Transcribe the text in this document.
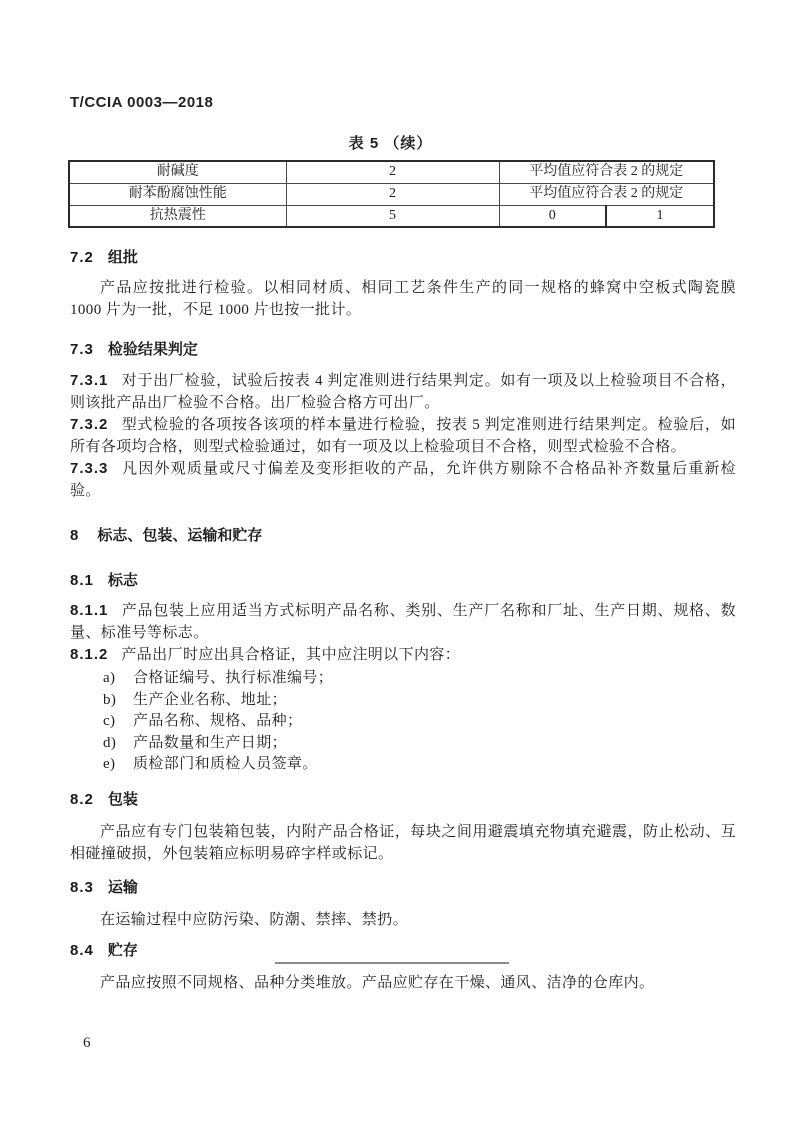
T/CCIA 0003—2018
表 5 （续）
耐碱度	2	平均值应符合表 2 的规定	
耐苯酚腐蚀性能	2	平均值应符合表 2 的规定	
抗热震性	5	0	1
7.2 组批

产品应按批进行检验。以相同材质、相同工艺条件生产的同一规格的蜂窝中空板式陶瓷膜 1000 片为一批，不足 1000 片也按一批计。

7.3 检验结果判定

7.3.1 对于出厂检验，试验后按表 4 判定准则进行结果判定。如有一项及以上检验项目不合格，则该批产品出厂检验不合格。出厂检验合格方可出厂。

7.3.2 型式检验的各项按各该项的样本量进行检验，按表 5 判定准则进行结果判定。检验后，如所有各项均合格，则型式检验通过，如有一项及以上检验项目不合格，则型式检验不合格。

7.3.3 凡因外观质量或尺寸偏差及变形拒收的产品，允许供方剔除不合格品补齐数量后重新检验。

8 标志、包装、运输和贮存
8.1 标志

8.1.1 产品包装上应用适当方式标明产品名称、类别、生产厂名称和厂址、生产日期、规格、数量、标准号等标志。

8.1.2 产品出厂时应出具合格证，其中应注明以下内容：

a) 合格证编号、执行标准编号；
b) 生产企业名称、地址；
c) 产品名称、规格、品种；
d) 产品数量和生产日期；
e) 质检部门和质检人员签章。
8.2 包装

产品应有专门包装箱包装，内附产品合格证，每块之间用避震填充物填充避震，防止松动、互相碰撞破损，外包装箱应标明易碎字样或标记。

8.3 运输

在运输过程中应防污染、防潮、禁摔、禁扔。

8.4 贮存

产品应按照不同规格、品种分类堆放。产品应贮存在干燥、通风、洁净的仓库内。

6
